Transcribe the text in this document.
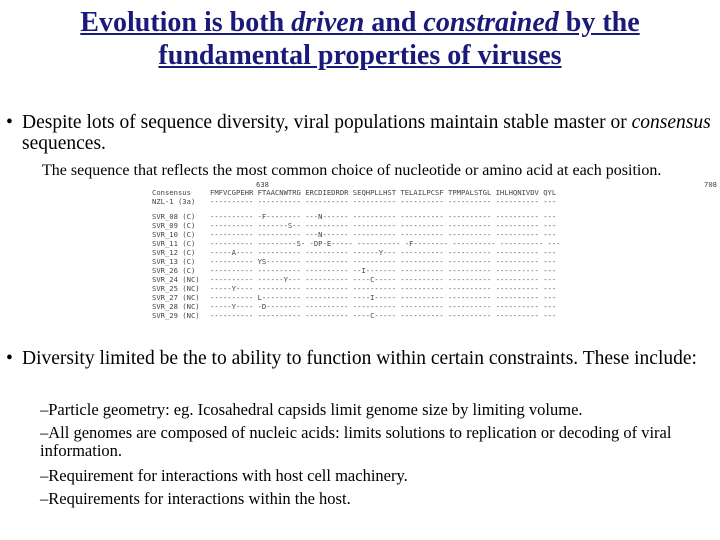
Evolution is both driven and constrained by the
fundamental properties of viruses
• Despite lots of sequence diversity, viral populations maintain stable master or consensus sequences.
The sequence that reflects the most common choice of nucleotide or amino acid at each position.
638	708
Consensus	FMFVCGPEHR FTAACNWTRG ERCDIEDRDR SEQHPLLHST TELAILPCSF TPMPALSTGL IHLHQNIVDV QYL
NZL-1 (3a) ---------- ---------- ---------- ---------- ---------- ---------- ---------- ---
SVR_08 (C) ---------- -F-------- ---N------ ---------- ---------- ---------- ---------- ---
SVR_09 (C) ---------- -------S-- ---------- ---------- ---------- ---------- ---------- ---
SVR_10 (C) ---------- ---------- ---N------ ---------- ---------- ---------- ---------- ---
SVR_11 (C) ---------- ---------S- -DP-E----- ---------- -F-------- ---------- ---------- ---
SVR_12 (C) -----A---- ---------- ---------- ------Y--- ---------- ---------- ---------- ---
SVR_13 (C) ---------- YS-------- ---------- ---------- ---------- ---------- ---------- ---
SVR_26 (C) ---------- ---------- ---------- --I------- ---------- ---------- ---------- ---
SVR_24 (NC) ---------- ------Y--- ---------- ----C----- ---------- ---------- ---------- ---
SVR_25 (NC) -----Y---- ---------- ---------- ---------- ---------- ---------- ---------- ---
SVR_27 (NC) ---------- L--------- ---------- ----I----- ---------- ---------- ---------- ---
SVR_28 (NC) -----Y---- -D-------- ---------- ---------- ---------- ---------- ---------- ---
SVR_29 (NC) ---------- ---------- ---------- ----C----- ---------- ---------- ---------- ---
• Diversity limited be the to ability to function within certain constraints. These include:
–Particle geometry: eg. Icosahedral capsids limit genome size by limiting volume.
–All genomes are composed of nucleic acids: limits solutions to replication or decoding of viral information.
–Requirement for interactions with host cell machinery.
–Requirements for interactions within the host.
